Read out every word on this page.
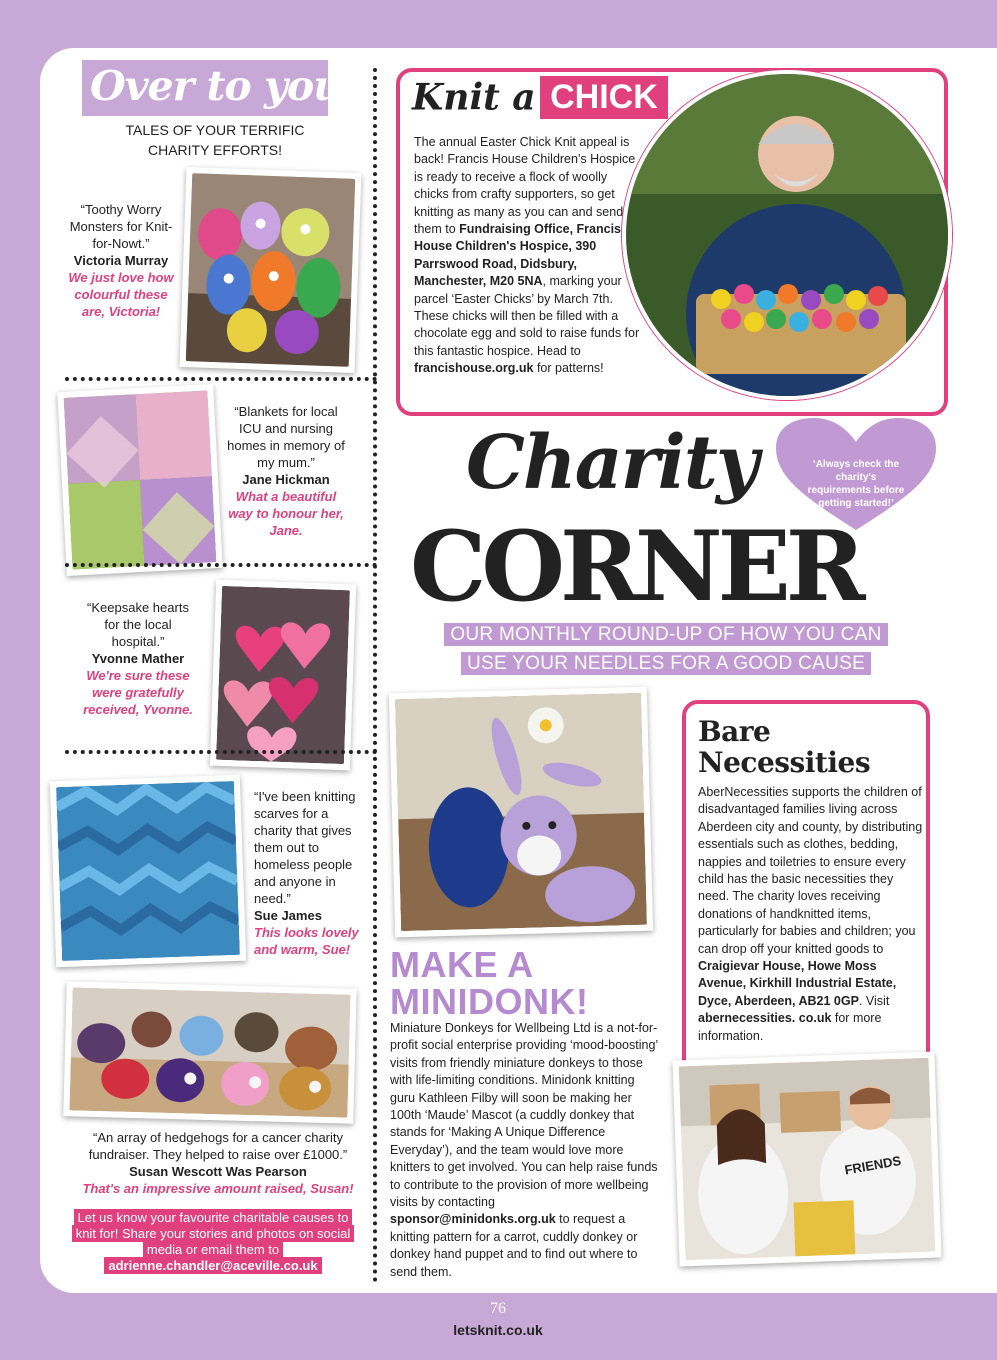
Over to you
TALES OF YOUR TERRIFIC CHARITY EFFORTS!
“Toothy Worry Monsters for Knit-for-Nowt.”
Victoria Murray
We just love how colourful these are, Victoria!
“Blankets for local ICU and nursing homes in memory of my mum.”
Jane Hickman
What a beautiful way to honour her, Jane.
“Keepsake hearts for the local hospital.”
Yvonne Mather
We're sure these were gratefully received, Yvonne.
“I've been knitting scarves for a charity that gives them out to homeless people and anyone in need.”
Sue James
This looks lovely and warm, Sue!
“An array of hedgehogs for a cancer charity fundraiser. They helped to raise over £1000.”
Susan Wescott Was Pearson
That's an impressive amount raised, Susan!
Let us know your favourite charitable causes to knit for! Share your stories and photos on social media or email them to
adrienne.chandler@aceville.co.uk
Knit a CHICK
The annual Easter Chick Knit appeal is back! Francis House Children's Hospice is ready to receive a flock of woolly chicks from crafty supporters, so get knitting as many as you can and send them to Fundraising Office, Francis House Children's Hospice, 390 Parrswood Road, Didsbury, Manchester, M20 5NA, marking your parcel ‘Easter Chicks’ by March 7th. These chicks will then be filled with a chocolate egg and sold to raise funds for this fantastic hospice. Head to francishouse.org.uk for patterns!
Charity	‘Always check the charity's requirements before getting started!’
CORNER
OUR MONTHLY ROUND-UP OF HOW YOU CAN
USE YOUR NEEDLES FOR A GOOD CAUSE
MAKE A
MINIDONK!
Miniature Donkeys for Wellbeing Ltd is a not-for-profit social enterprise providing ‘mood-boosting’ visits from friendly miniature donkeys to those with life-limiting conditions. Minidonk knitting guru Kathleen Filby will soon be making her 100th ‘Maude’ Mascot (a cuddly donkey that stands for ‘Making A Unique Difference Everyday’), and the team would love more knitters to get involved. You can help raise funds to contribute to the provision of more wellbeing visits by contacting sponsor@minidonks.org.uk to request a knitting pattern for a carrot, cuddly donkey or donkey hand puppet and to find out where to send them.
Bare
Necessities
AberNecessities supports the children of disadvantaged families living across Aberdeen city and county, by distributing essentials such as clothes, bedding, nappies and toiletries to ensure every child has the basic necessities they need. The charity loves receiving donations of handknitted items, particularly for babies and children; you can drop off your knitted goods to Craigievar House, Howe Moss Avenue, Kirkhill Industrial Estate, Dyce, Aberdeen, AB21 0GP. Visit abernecessities. co.uk for more information.
FRIENDS
76
letsknit.co.uk
